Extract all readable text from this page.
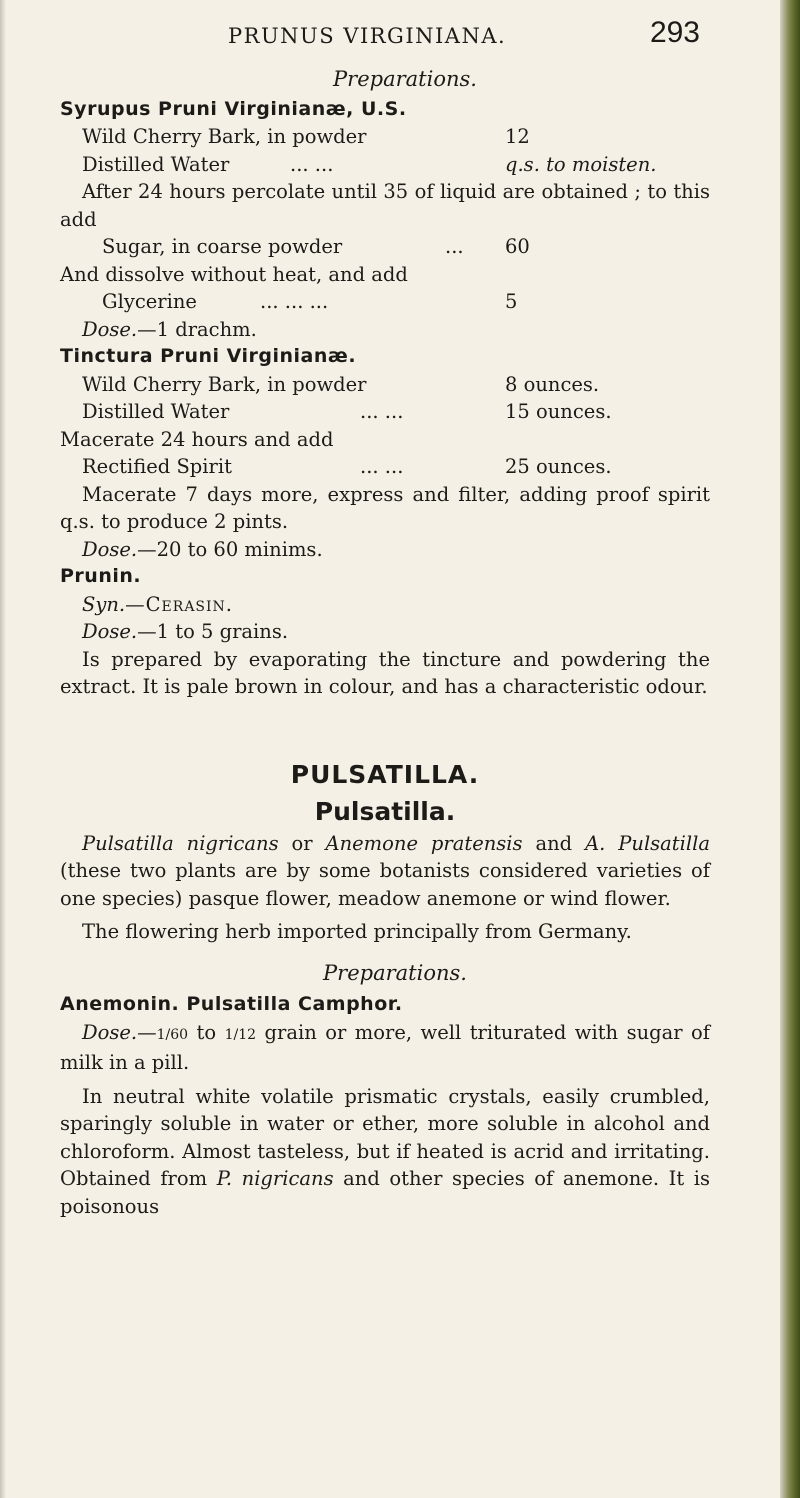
PRUNUS VIRGINIANA.	293
Preparations.
Syrupus Pruni Virginianæ, U.S.
Wild Cherry Bark, in powder	12
Distilled Water	... ...	q.s. to moisten.
After 24 hours percolate until 35 of liquid are obtained ; to this add
Sugar, in coarse powder	... 60
And dissolve without heat, and add
Glycerine	... ... ...	5
Dose.—1 drachm.
Tinctura Pruni Virginianæ.
Wild Cherry Bark, in powder	8 ounces.
Distilled Water	... ...	15 ounces.
Macerate 24 hours and add
Rectified Spirit	... ...	25 ounces.
Macerate 7 days more, express and filter, adding proof spirit q.s. to produce 2 pints.
Dose.—20 to 60 minims.
Prunin.
Syn.—Cerasin.
Dose.—1 to 5 grains.
Is prepared by evaporating the tincture and powdering the extract. It is pale brown in colour, and has a characteristic odour.
PULSATILLA.
Pulsatilla.
Pulsatilla nigricans or Anemone pratensis and A. Pulsatilla (these two plants are by some botanists considered varieties of one species) pasque flower, meadow anemone or wind flower.
The flowering herb imported principally from Germany.
Preparations.
Anemonin. Pulsatilla Camphor.
Dose.—1/60 to 1/12 grain or more, well triturated with sugar of milk in a pill.
In neutral white volatile prismatic crystals, easily crumbled, sparingly soluble in water or ether, more soluble in alcohol and chloroform. Almost tasteless, but if heated is acrid and irritating. Obtained from P. nigricans and other species of anemone. It is poisonous
